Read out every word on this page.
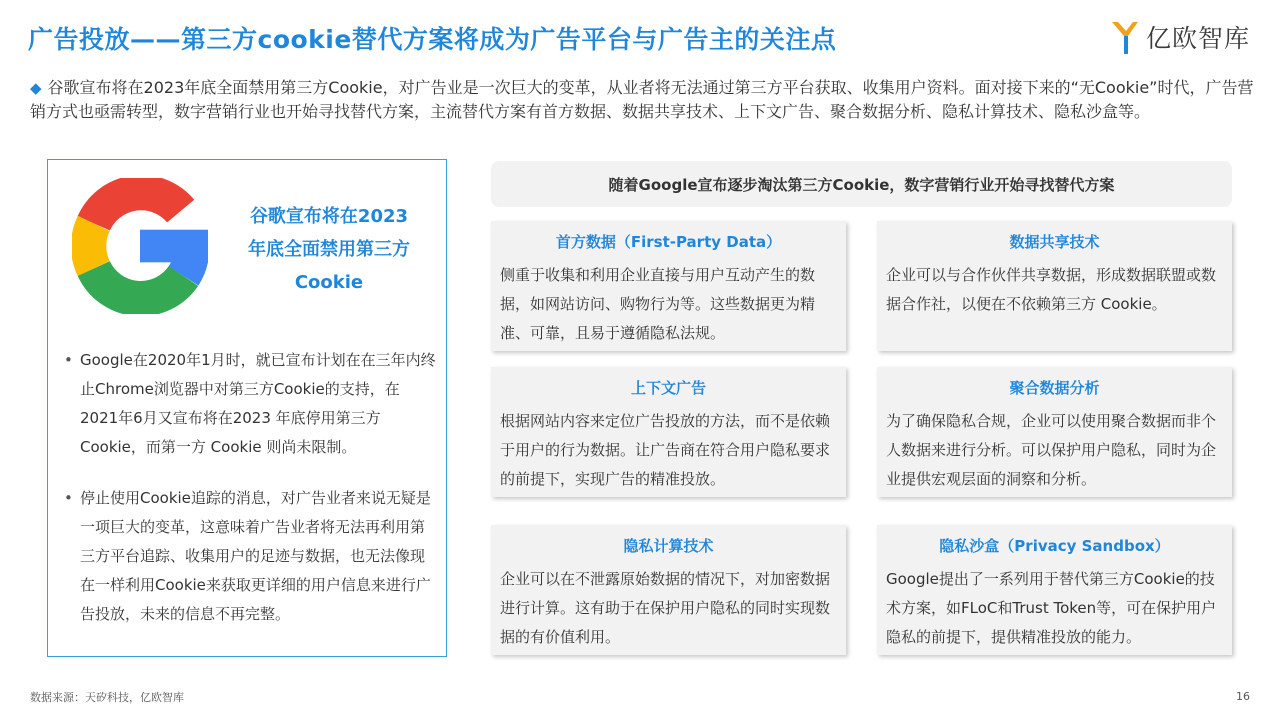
广告投放——第三方cookie替代方案将成为广告平台与广告主的关注点	亿欧智库
◆ 谷歌宣布将在2023年底全面禁用第三方Cookie，对广告业是一次巨大的变革，从业者将无法通过第三方平台获取、收集用户资料。面对接下来的“无Cookie”时代，广告营销方式也亟需转型，数字营销行业也开始寻找替代方案，主流替代方案有首方数据、数据共享技术、上下文广告、聚合数据分析、隐私计算技术、隐私沙盒等。
谷歌宣布将在2023年底全面禁用第三方Cookie
• Google在2020年1月时，就已宣布计划在在三年内终止Chrome浏览器中对第三方Cookie的支持，在2021年6月又宣布将在2023 年底停用第三方Cookie，而第一方 Cookie 则尚未限制。
• 停止使用Cookie追踪的消息，对广告业者来说无疑是一项巨大的变革，这意味着广告业者将无法再利用第三方平台追踪、收集用户的足迹与数据，也无法像现在一样利用Cookie来获取更详细的用户信息来进行广告投放，未来的信息不再完整。
随着Google宣布逐步淘汰第三方Cookie，数字营销行业开始寻找替代方案
首方数据（First-Party Data）
侧重于收集和利用企业直接与用户互动产生的数据，如网站访问、购物行为等。这些数据更为精准、可靠，且易于遵循隐私法规。
数据共享技术
企业可以与合作伙伴共享数据，形成数据联盟或数据合作社，以便在不依赖第三方 Cookie。
上下文广告
根据网站内容来定位广告投放的方法，而不是依赖于用户的行为数据。让广告商在符合用户隐私要求的前提下，实现广告的精准投放。
聚合数据分析
为了确保隐私合规，企业可以使用聚合数据而非个人数据来进行分析。可以保护用户隐私，同时为企业提供宏观层面的洞察和分析。
隐私计算技术
企业可以在不泄露原始数据的情况下，对加密数据进行计算。这有助于在保护用户隐私的同时实现数据的有价值利用。
隐私沙盒（Privacy Sandbox）
Google提出了一系列用于替代第三方Cookie的技术方案，如FLoC和Trust Token等，可在保护用户隐私的前提下，提供精准投放的能力。
数据来源：天矽科技，亿欧智库	16
